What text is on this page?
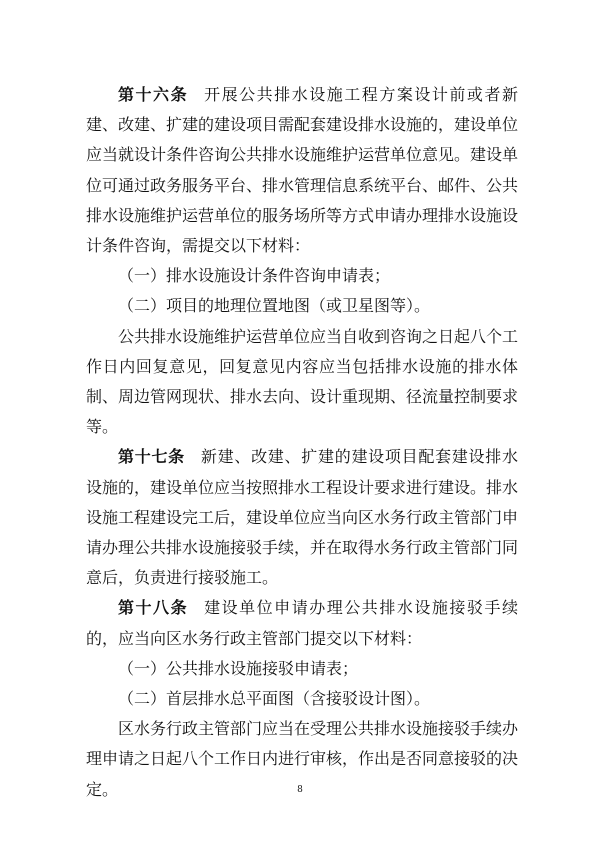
第十六条 开展公共排水设施工程方案设计前或者新建、改建、扩建的建设项目需配套建设排水设施的，建设单位应当就设计条件咨询公共排水设施维护运营单位意见。建设单位可通过政务服务平台、排水管理信息系统平台、邮件、公共排水设施维护运营单位的服务场所等方式申请办理排水设施设计条件咨询，需提交以下材料：

（一）排水设施设计条件咨询申请表；

（二）项目的地理位置地图（或卫星图等）。

公共排水设施维护运营单位应当自收到咨询之日起八个工作日内回复意见，回复意见内容应当包括排水设施的排水体制、周边管网现状、排水去向、设计重现期、径流量控制要求等。

第十七条 新建、改建、扩建的建设项目配套建设排水设施的，建设单位应当按照排水工程设计要求进行建设。排水设施工程建设完工后，建设单位应当向区水务行政主管部门申请办理公共排水设施接驳手续，并在取得水务行政主管部门同意后，负责进行接驳施工。

第十八条 建设单位申请办理公共排水设施接驳手续的，应当向区水务行政主管部门提交以下材料：

（一）公共排水设施接驳申请表；

（二）首层排水总平面图（含接驳设计图）。

区水务行政主管部门应当在受理公共排水设施接驳手续办理申请之日起八个工作日内进行审核，作出是否同意接驳的决定。	8
